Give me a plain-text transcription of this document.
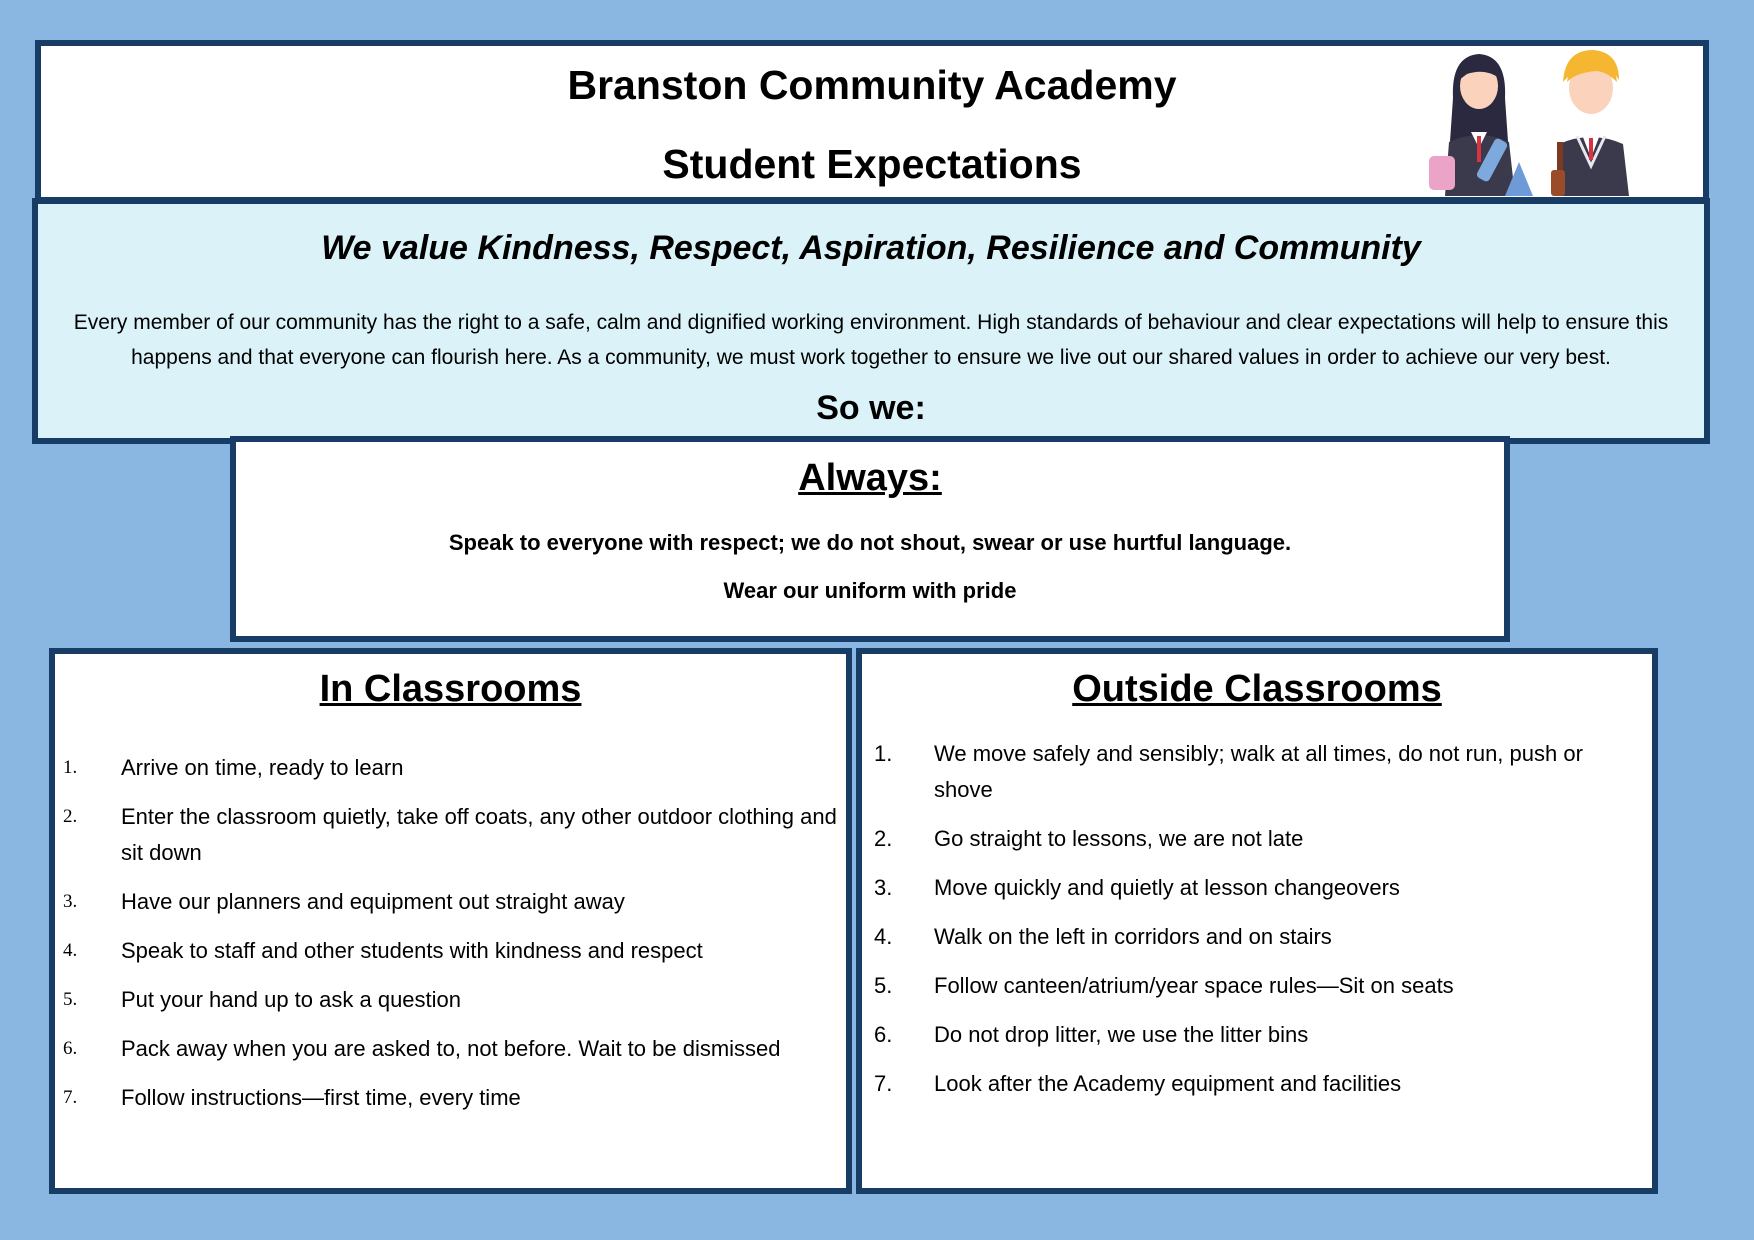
Branston Community Academy
Student Expectations
We value Kindness, Respect, Aspiration, Resilience and Community
Every member of our community has the right to a safe, calm and dignified working environment. High standards of behaviour and clear expectations will help to ensure this happens and that everyone can flourish here. As a community, we must work together to ensure we live out our shared values in order to achieve our very best.
So we:
Always:
Speak to everyone with respect; we do not shout, swear or use hurtful language.
Wear our uniform with pride
In Classrooms
1. Arrive on time, ready to learn
2. Enter the classroom quietly, take off coats, any other outdoor clothing and sit down
3. Have our planners and equipment out straight away
4. Speak to staff and other students with kindness and respect
5. Put your hand up to ask a question
6. Pack away when you are asked to, not before. Wait to be dismissed
7. Follow instructions—first time, every time
Outside Classrooms
1. We move safely and sensibly; walk at all times, do not run, push or shove
2. Go straight to lessons, we are not late
3. Move quickly and quietly at lesson changeovers
4. Walk on the left in corridors and on stairs
5. Follow canteen/atrium/year space rules—Sit on seats
6. Do not drop litter, we use the litter bins
7. Look after the Academy equipment and facilities
